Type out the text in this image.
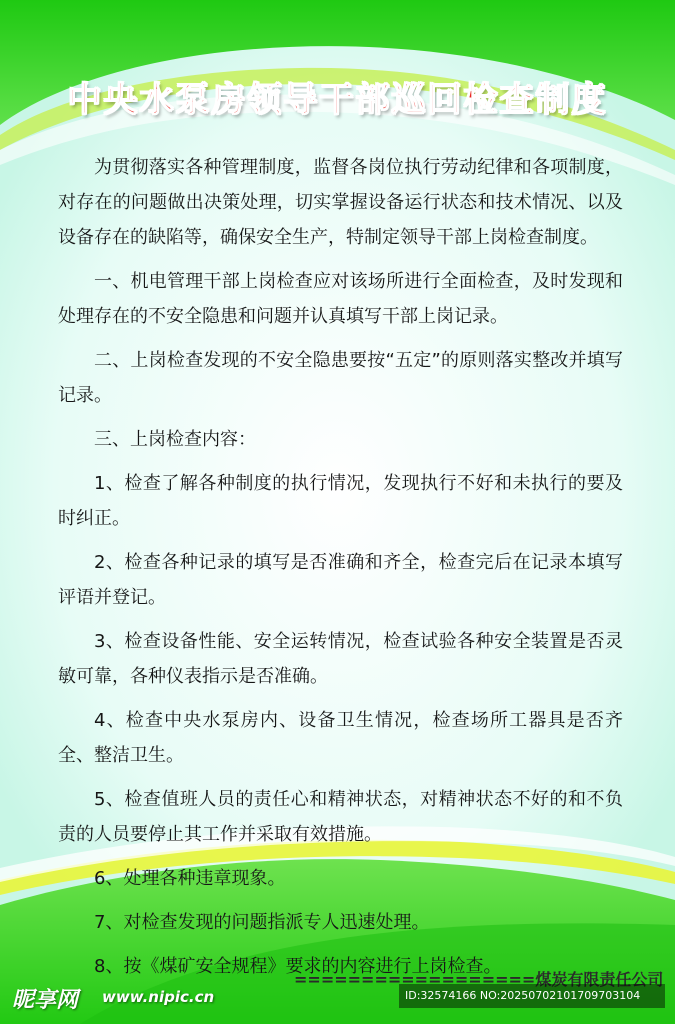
中央水泵房领导干部巡回检查制度

为贯彻落实各种管理制度，监督各岗位执行劳动纪律和各项制度，对存在的问题做出决策处理，切实掌握设备运行状态和技术情况、以及设备存在的缺陷等，确保安全生产，特制定领导干部上岗检查制度。

一、机电管理干部上岗检查应对该场所进行全面检查，及时发现和处理存在的不安全隐患和问题并认真填写干部上岗记录。

二、上岗检查发现的不安全隐患要按“五定”的原则落实整改并填写记录。

三、上岗检查内容：

1、检查了解各种制度的执行情况，发现执行不好和未执行的要及时纠正。

2、检查各种记录的填写是否准确和齐全，检查完后在记录本填写评语并登记。

3、检查设备性能、安全运转情况，检查试验各种安全装置是否灵敏可靠，各种仪表指示是否准确。

4、检查中央水泵房内、设备卫生情况，检查场所工器具是否齐全、整洁卫生。

5、检查值班人员的责任心和精神状态，对精神状态不好的和不负责的人员要停止其工作并采取有效措施。

6、处理各种违章现象。

7、对检查发现的问题指派专人迅速处理。

8、按《煤矿安全规程》要求的内容进行上岗检查。

==================煤炭有限责任公司
昵享网 www.nipic.cn	ID:32574166 NO:20250702101709703104
